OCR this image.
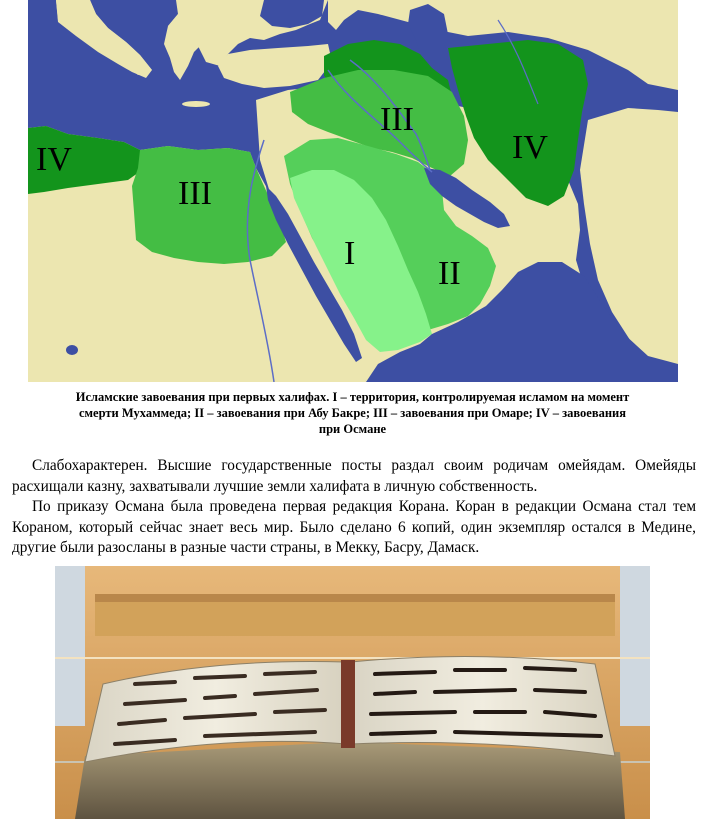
IV
III
III
IV
I
II
Исламские завоевания при первых халифах. I – территория, контролируемая исламом на момент
смерти Мухаммеда; II – завоевания при Абу Бакре; III – завоевания при Омаре; IV – завоевания
при Османе

Слабохарактерен. Высшие государственные посты раздал своим родичам омейядам. Омейяды расхищали казну, захватывали лучшие земли халифата в личную собственность.

По приказу Османа была проведена первая редакция Корана. Коран в редакции Османа стал тем Кораном, который сейчас знает весь мир. Было сделано 6 копий, один экземпляр остался в Медине, другие были разосланы в разные части страны, в Мекку, Басру, Дамаск.
